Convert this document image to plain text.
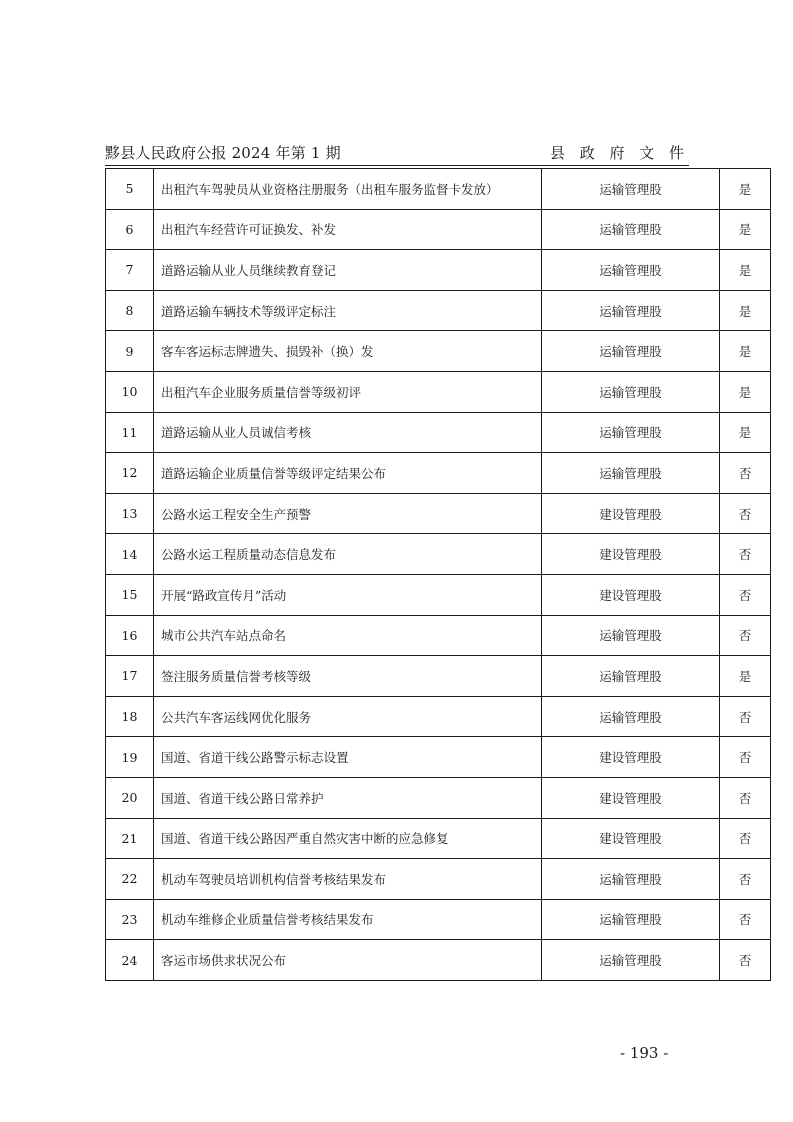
黟县人民政府公报 2024 年第 1 期	县 政 府 文 件
5	出租汽车驾驶员从业资格注册服务（出租车服务监督卡发放）	运输管理股	是
6	出租汽车经营许可证换发、补发	运输管理股	是
7	道路运输从业人员继续教育登记	运输管理股	是
8	道路运输车辆技术等级评定标注	运输管理股	是
9	客车客运标志牌遗失、损毁补（换）发	运输管理股	是
10	出租汽车企业服务质量信誉等级初评	运输管理股	是
11	道路运输从业人员诚信考核	运输管理股	是
12	道路运输企业质量信誉等级评定结果公布	运输管理股	否
13	公路水运工程安全生产预警	建设管理股	否
14	公路水运工程质量动态信息发布	建设管理股	否
15	开展“路政宣传月”活动	建设管理股	否
16	城市公共汽车站点命名	运输管理股	否
17	签注服务质量信誉考核等级	运输管理股	是
18	公共汽车客运线网优化服务	运输管理股	否
19	国道、省道干线公路警示标志设置	建设管理股	否
20	国道、省道干线公路日常养护	建设管理股	否
21	国道、省道干线公路因严重自然灾害中断的应急修复	建设管理股	否
22	机动车驾驶员培训机构信誉考核结果发布	运输管理股	否
23	机动车维修企业质量信誉考核结果发布	运输管理股	否
24	客运市场供求状况公布	运输管理股	否
- 193 -
